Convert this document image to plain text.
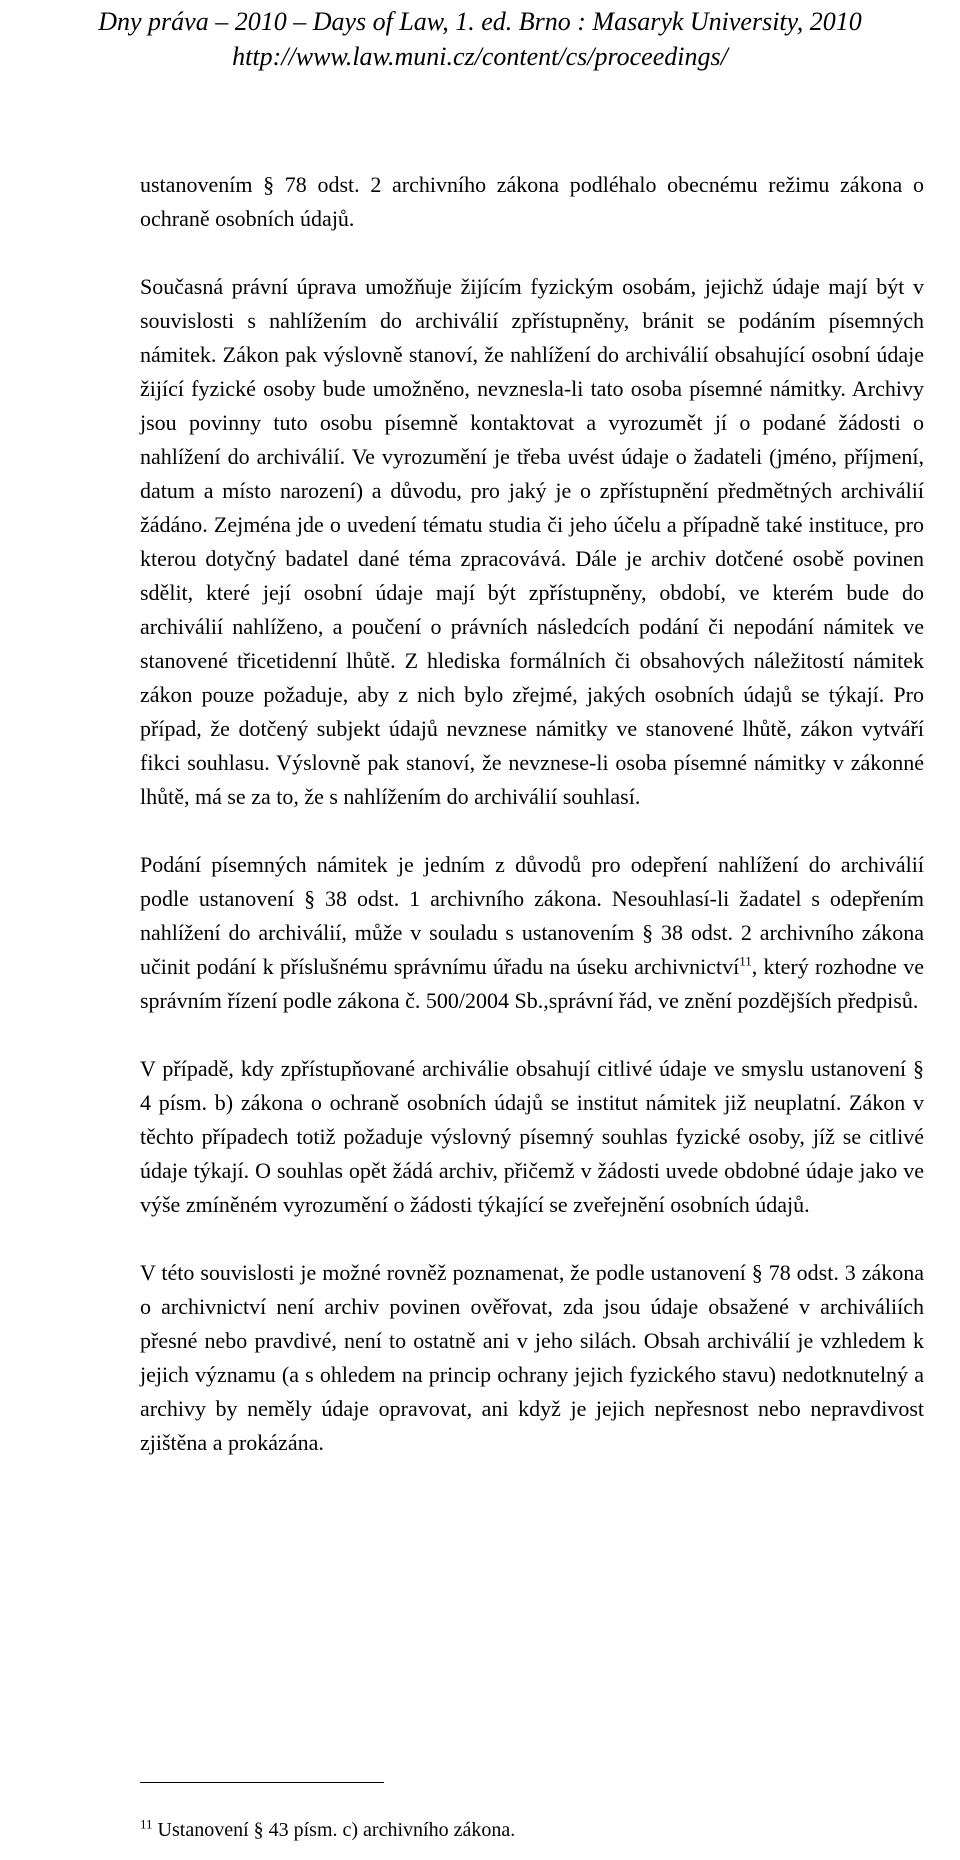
Dny práva – 2010 – Days of Law, 1. ed. Brno : Masaryk University, 2010
http://www.law.muni.cz/content/cs/proceedings/

ustanovením § 78 odst. 2 archivního zákona podléhalo obecnému režimu zákona o ochraně osobních údajů.

Současná právní úprava umožňuje žijícím fyzickým osobám, jejichž údaje mají být v souvislosti s nahlížením do archiválií zpřístupněny, bránit se podáním písemných námitek. Zákon pak výslovně stanoví, že nahlížení do archiválií obsahující osobní údaje žijící fyzické osoby bude umožněno, nevznesla-li tato osoba písemné námitky. Archivy jsou povinny tuto osobu písemně kontaktovat a vyrozumět jí o podané žádosti o nahlížení do archiválií. Ve vyrozumění je třeba uvést údaje o žadateli (jméno, příjmení, datum a místo narození) a důvodu, pro jaký je o zpřístupnění předmětných archiválií žádáno. Zejména jde o uvedení tématu studia či jeho účelu a případně také instituce, pro kterou dotyčný badatel dané téma zpracovává. Dále je archiv dotčené osobě povinen sdělit, které její osobní údaje mají být zpřístupněny, období, ve kterém bude do archiválií nahlíženo, a poučení o právních následcích podání či nepodání námitek ve stanovené třicetidenní lhůtě. Z hlediska formálních či obsahových náležitostí námitek zákon pouze požaduje, aby z nich bylo zřejmé, jakých osobních údajů se týkají. Pro případ, že dotčený subjekt údajů nevznese námitky ve stanovené lhůtě, zákon vytváří fikci souhlasu. Výslovně pak stanoví, že nevznese-li osoba písemné námitky v zákonné lhůtě, má se za to, že s nahlížením do archiválií souhlasí.

Podání písemných námitek je jedním z důvodů pro odepření nahlížení do archiválií podle ustanovení § 38 odst. 1 archivního zákona. Nesouhlasí-li žadatel s odepřením nahlížení do archiválií, může v souladu s ustanovením § 38 odst. 2 archivního zákona učinit podání k příslušnému správnímu úřadu na úseku archivnictví$^{11}$, který rozhodne ve správním řízení podle zákona č. 500/2004 Sb.,správní řád, ve znění pozdějších předpisů.

V případě, kdy zpřístupňované archiválie obsahují citlivé údaje ve smyslu ustanovení § 4 písm. b) zákona o ochraně osobních údajů se institut námitek již neuplatní. Zákon v těchto případech totiž požaduje výslovný písemný souhlas fyzické osoby, jíž se citlivé údaje týkají. O souhlas opět žádá archiv, přičemž v žádosti uvede obdobné údaje jako ve výše zmíněném vyrozumění o žádosti týkající se zveřejnění osobních údajů.

V této souvislosti je možné rovněž poznamenat, že podle ustanovení § 78 odst. 3 zákona o archivnictví není archiv povinen ověřovat, zda jsou údaje obsažené v archiváliích přesné nebo pravdivé, není to ostatně ani v jeho silách. Obsah archiválií je vzhledem k jejich významu (a s ohledem na princip ochrany jejich fyzického stavu) nedotknutelný a archivy by neměly údaje opravovat, ani když je jejich nepřesnost nebo nepravdivost zjištěna a prokázána.

$^{11}$ Ustanovení § 43 písm. c) archivního zákona.
